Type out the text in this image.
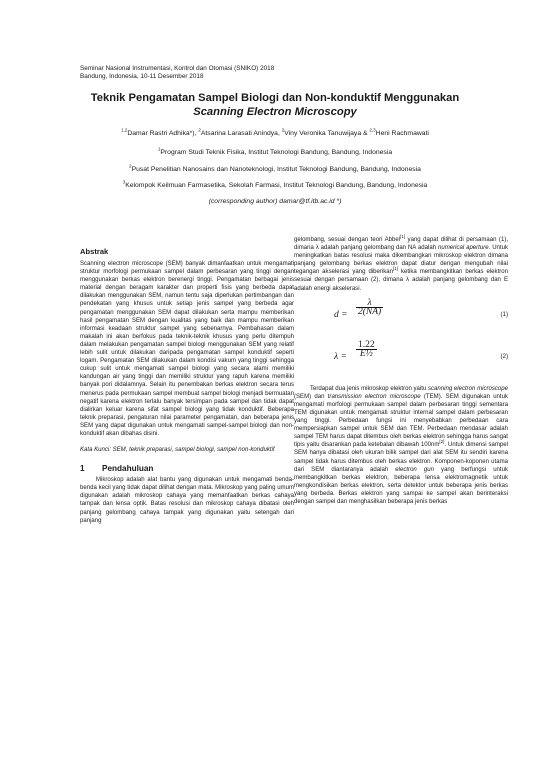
Seminar Nasional Instrumentasi, Kontrol dan Otomasi (SNIKO) 2018
Bandung, Indonesia, 10-11 Desember 2018
Teknik Pengamatan Sampel Biologi dan Non-konduktif Menggunakan
Scanning Electron Microscopy
$^{1,2}$Damar Rastri Adhika*), $^2$Atsarina Larasati Anindya, $^2$Viny Veronika Tanuwijaya & $^{2,3}$Heni Rachmawati
$^1$Program Studi Teknik Fisika, Institut Teknologi Bandung, Bandung, Indonesia
$^2$Pusat Penelitian Nanosains dan Nanoteknologi, Institut Teknologi Bandung, Bandung, Indonesia
$^3$Kelompok Keilmuan Farmasetika, Sekolah Farmasi, Institut Teknologi Bandung, Bandung, Indonesia
(corresponding author) damar@tf.itb.ac.id *)
Abstrak

Scanning electron microscope (SEM) banyak dimanfaatkan untuk mengamati struktur morfologi permukaan sampel dalam perbesaran yang tinggi dengan menggunakan berkas elektron berenergi tinggi. Pengamatan berbagai jenis material dengan beragam karakter dan properti fisis yang berbeda dapat dilakukan menggunakan SEM, namun tentu saja diperlukan pertimbangan dan pendekatan yang khusus untuk setiap jenis sampel yang berbeda agar pengamatan menggunakan SEM dapat dilakukan serta mampu memberikan hasil pengamatan SEM dengan kualitas yang baik dan mampu memberikan informasi keadaan struktur sampel yang sebenarnya. Pembahasan dalam makalah ini akan berfokus pada teknik-teknik khusus yang perlu ditempuh dalam melakukan pengamatan sampel biologi menggunakan SEM yang relatif lebih sulit untuk dilakukan daripada pengamatan sampel konduktif seperti logam. Pengamatan SEM dilakukan dalam kondisi vakum yang tinggi sehingga cukup sulit untuk mengamati sampel biologi yang secara alami memiliki kandungan air yang tinggi dan memiliki struktur yang rapuh karena memiliki banyak pori didalamnya. Selain itu penembakan berkas elektron secara terus menerus pada permukaan sampel membuat sampel biologi menjadi bermuatan negatif karena elektron terlalu banyak tersimpan pada sampel dan tidak dapat dialirkan keluar karena sifat sampel biologi yang tidak konduktif. Beberapa teknik preparasi, pengaturan nilai parameter pengamatan, dan beberapa jenis SEM yang dapat digunakan untuk mengamati sampel-sampel biologi dan non-konduktif akan dibahas disini.

Kata Kunci: SEM, teknik preparasi, sampel biologi, sampel non-konduktif

1	Pendahuluan

Mikroskop adalah alat bantu yang digunakan untuk mengamati benda-benda kecil yang tidak dapat dilihat dengan mata. Mikroskop yang paling umum digunakan adalah mikroskop cahaya yang memanfaatkan berkas cahaya tampak dan lensa optik. Batas resolusi dan mikroskop cahaya dibatasi oleh panjang gelombang cahaya tampak yang digunakan yaitu setengah dari panjang

gelombang, sesuai dengan teori Abbel[1] yang dapat dilihat di persamaan (1), dimana λ adalah panjang gelombang dan NA adalah numerical aperture. Untuk meningkatkan batas resolusi maka dikembangkan mikroskop elektron dimana panjang gelombang berkas elektron dapat diatur dengan mengubah nilai tegangan akselerasi yang diberikan[1] ketika membangkitkan berkas elektron sesuai dengan persamaan (2), dimana λ adalah panjang gelombang dan E adalah energi akselerasi.

d =
λ
2(NA)	(1)
λ =
1.22
E½	(2)

Terdapat dua jenis mikroskop elektron yaitu scanning electron microscope (SEM) dan transmission electron microscope (TEM). SEM digunakan untuk mengamati morfologi permukaan sampel dalam perbesaran tinggi sementara TEM digunakan untuk mengamati struktur internal sampel dalam perbesaran yang tinggi. Perbedaan fungsi ini menyebabkan perbedaan cara mempersiapkan sampel untuk SEM dan TEM. Perbedaan mendasar adalah sampel TEM harus dapat ditembus oleh berkas elektron sehingga harus sangat tipis yaitu disarankan pada ketebalan dibawah 100nm[2]. Untuk dimensi sampel SEM hanya dibatasi oleh ukuran bilik sampel dari alat SEM itu sendiri karena sampel tidak harus ditembus oleh berkas elektron. Komponen-koponen utama dari SEM diantaranya adalah electron gun yang berfungsi untuk membangkitkan berkas elektron, beberapa lensa elektromagnetik untuk mengkondisikan berkas elektron, serta detektor untuk beberapa jenis berkas yang berbeda. Berkas elektron yang sampai ke sampel akan berinteraksi dengan sampel dan menghasilkan beberapa jenis berkas
